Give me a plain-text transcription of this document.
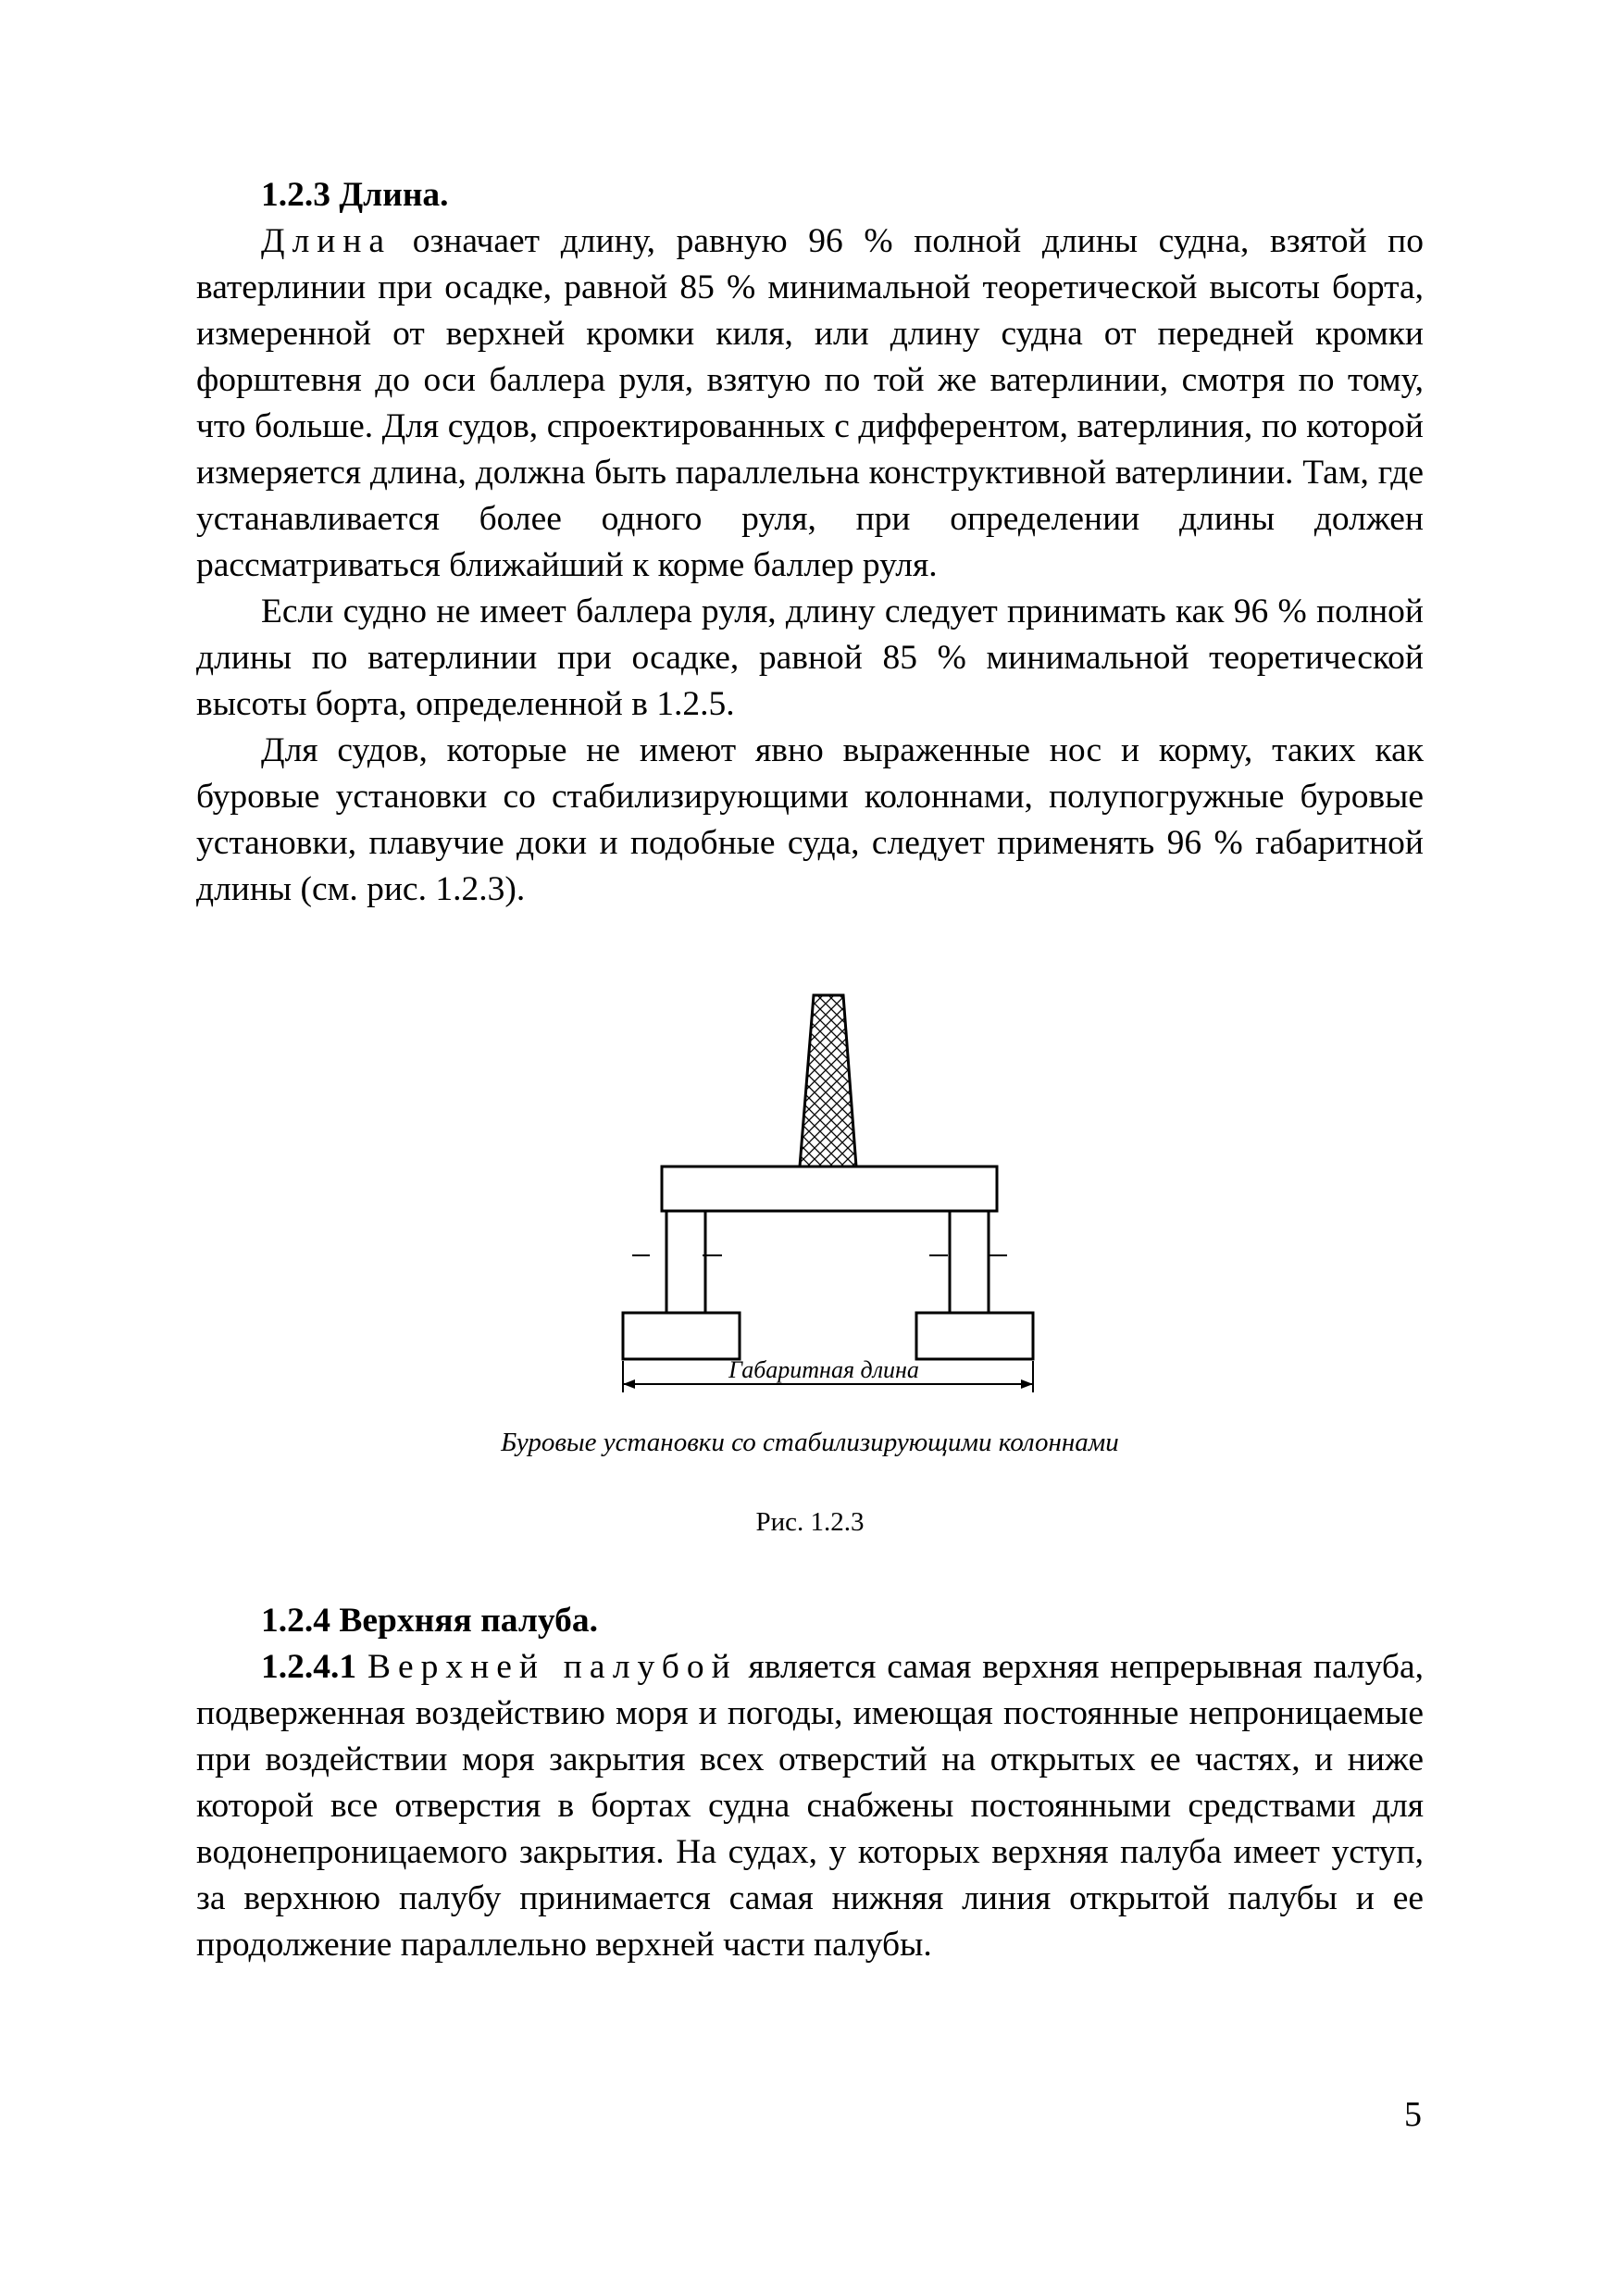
1.2.3 Длина.

Длина означает длину, равную 96 % полной длины судна, взятой по ватерлинии при осадке, равной 85 % минимальной теоретической высоты борта, измеренной от верхней кромки киля, или длину судна от передней кромки форштевня до оси баллера руля, взятую по той же ватерлинии, смотря по тому, что больше. Для судов, спроектированных с дифферентом, ватерлиния, по которой измеряется длина, должна быть параллельна конструктивной ватерлинии. Там, где устанавливается более одного руля, при определении длины должен рассматриваться ближайший к корме баллер руля.

Если судно не имеет баллера руля, длину следует принимать как 96 % полной длины по ватерлинии при осадке, равной 85 % минимальной теоретической высоты борта, определенной в 1.2.5.

Для судов, которые не имеют явно выраженные нос и корму, таких как буровые установки со стабилизирующими колоннами, полупогружные буровые установки, плавучие доки и подобные суда, следует применять 96 % габаритной длины (см. рис. 1.2.3).

Габаритная длина
Буровые установки со стабилизирующими колоннами
Рис. 1.2.3

1.2.4 Верхняя палуба.

1.2.4.1 Верхней палубой является самая верхняя непрерывная палуба, подверженная воздействию моря и погоды, имеющая постоянные непроницаемые при воздействии моря закрытия всех отверстий на открытых ее частях, и ниже которой все отверстия в бортах судна снабжены постоянными средствами для водонепроницаемого закрытия. На судах, у которых верхняя палуба имеет уступ, за верхнюю палубу принимается самая нижняя линия открытой палубы и ее продолжение параллельно верхней части палубы.

5
